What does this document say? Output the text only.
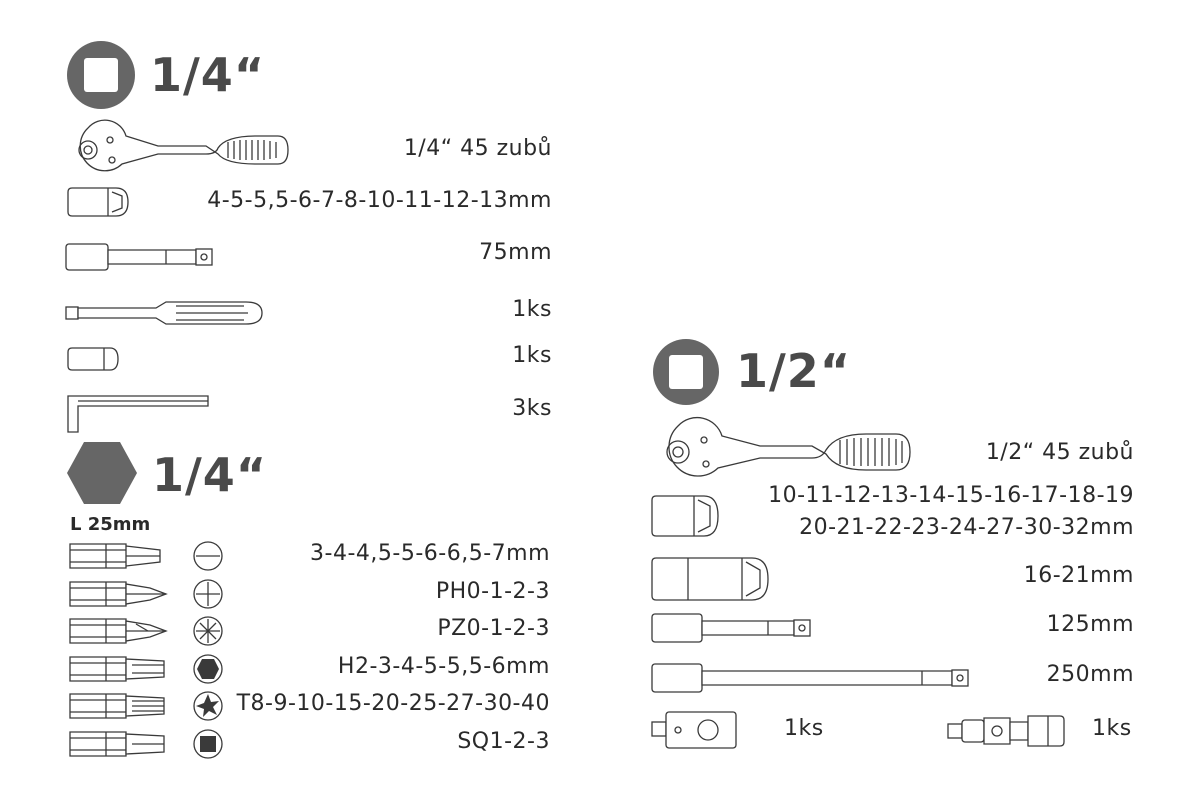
1/4“
1/4“ 45 zubů
4-5-5,5-6-7-8-10-11-12-13mm
75mm
1ks
1ks
3ks
1/4“
L 25mm
3-4-4,5-5-6-6,5-7mm
PH0-1-2-3
PZ0-1-2-3
H2-3-4-5-5,5-6mm
T8-9-10-15-20-25-27-30-40
SQ1-2-3
1/2“
1/2“ 45 zubů
10-11-12-13-14-15-16-17-18-19
20-21-22-23-24-27-30-32mm
16-21mm
125mm
250mm
1ks	1ks
